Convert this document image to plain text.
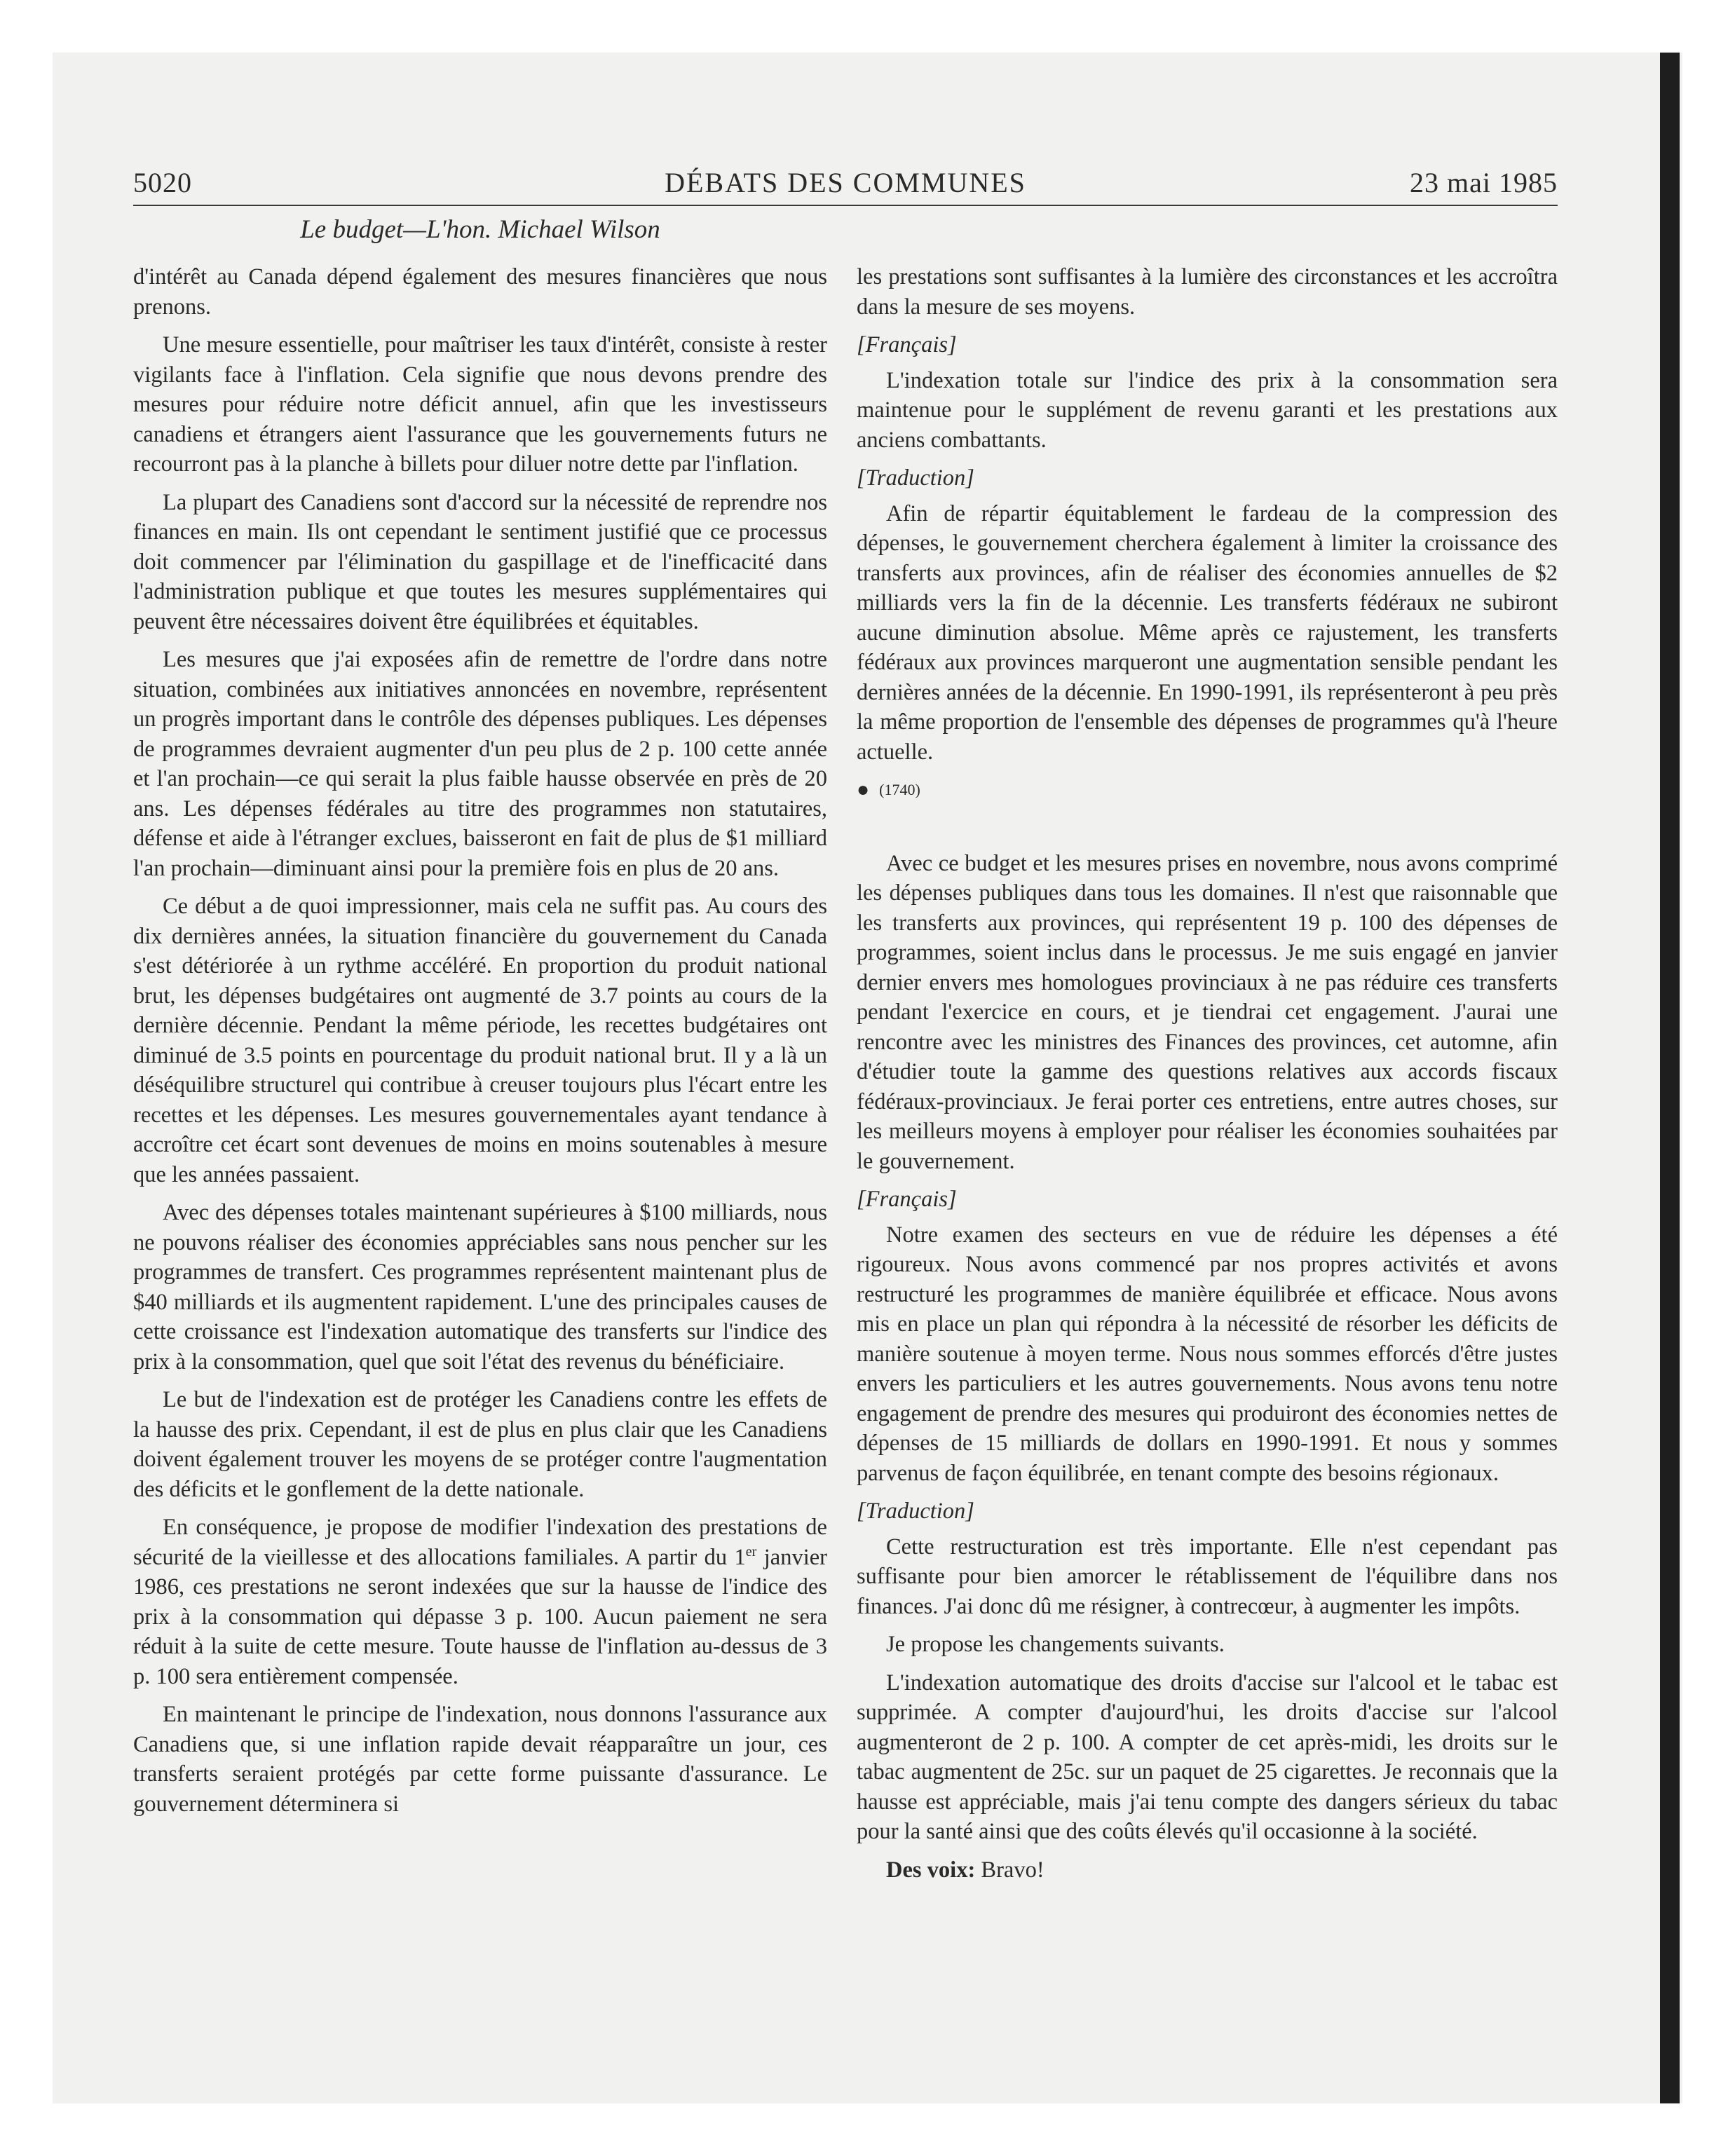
5020	DÉBATS DES COMMUNES	23 mai 1985
Le budget—L'hon. Michael Wilson

d'intérêt au Canada dépend également des mesures financières que nous prenons.

Une mesure essentielle, pour maîtriser les taux d'intérêt, consiste à rester vigilants face à l'inflation. Cela signifie que nous devons prendre des mesures pour réduire notre déficit annuel, afin que les investisseurs canadiens et étrangers aient l'assurance que les gouvernements futurs ne recourront pas à la planche à billets pour diluer notre dette par l'inflation.

La plupart des Canadiens sont d'accord sur la nécessité de reprendre nos finances en main. Ils ont cependant le sentiment justifié que ce processus doit commencer par l'élimination du gaspillage et de l'inefficacité dans l'administration publique et que toutes les mesures supplémentaires qui peuvent être nécessaires doivent être équilibrées et équitables.

Les mesures que j'ai exposées afin de remettre de l'ordre dans notre situation, combinées aux initiatives annoncées en novembre, représentent un progrès important dans le contrôle des dépenses publiques. Les dépenses de programmes devraient augmenter d'un peu plus de 2 p. 100 cette année et l'an prochain—ce qui serait la plus faible hausse observée en près de 20 ans. Les dépenses fédérales au titre des programmes non statutaires, défense et aide à l'étranger exclues, baisseront en fait de plus de $1 milliard l'an prochain—diminuant ainsi pour la première fois en plus de 20 ans.

Ce début a de quoi impressionner, mais cela ne suffit pas. Au cours des dix dernières années, la situation financière du gouvernement du Canada s'est détériorée à un rythme accéléré. En proportion du produit national brut, les dépenses budgétaires ont augmenté de 3.7 points au cours de la dernière décennie. Pendant la même période, les recettes budgétaires ont diminué de 3.5 points en pourcentage du produit national brut. Il y a là un déséquilibre structurel qui contribue à creuser toujours plus l'écart entre les recettes et les dépenses. Les mesures gouvernementales ayant tendance à accroître cet écart sont devenues de moins en moins soutenables à mesure que les années passaient.

Avec des dépenses totales maintenant supérieures à $100 milliards, nous ne pouvons réaliser des économies appréciables sans nous pencher sur les programmes de transfert. Ces programmes représentent maintenant plus de $40 milliards et ils augmentent rapidement. L'une des principales causes de cette croissance est l'indexation automatique des transferts sur l'indice des prix à la consommation, quel que soit l'état des revenus du bénéficiaire.

Le but de l'indexation est de protéger les Canadiens contre les effets de la hausse des prix. Cependant, il est de plus en plus clair que les Canadiens doivent également trouver les moyens de se protéger contre l'augmentation des déficits et le gonflement de la dette nationale.

En conséquence, je propose de modifier l'indexation des prestations de sécurité de la vieillesse et des allocations familiales. A partir du 1er janvier 1986, ces prestations ne seront indexées que sur la hausse de l'indice des prix à la consommation qui dépasse 3 p. 100. Aucun paiement ne sera réduit à la suite de cette mesure. Toute hausse de l'inflation au-dessus de 3 p. 100 sera entièrement compensée.

En maintenant le principe de l'indexation, nous donnons l'assurance aux Canadiens que, si une inflation rapide devait réapparaître un jour, ces transferts seraient protégés par cette forme puissante d'assurance. Le gouvernement déterminera si

les prestations sont suffisantes à la lumière des circonstances et les accroîtra dans la mesure de ses moyens.

[Français]

L'indexation totale sur l'indice des prix à la consommation sera maintenue pour le supplément de revenu garanti et les prestations aux anciens combattants.

[Traduction]

Afin de répartir équitablement le fardeau de la compression des dépenses, le gouvernement cherchera également à limiter la croissance des transferts aux provinces, afin de réaliser des économies annuelles de $2 milliards vers la fin de la décennie. Les transferts fédéraux ne subiront aucune diminution absolue. Même après ce rajustement, les transferts fédéraux aux provinces marqueront une augmentation sensible pendant les dernières années de la décennie. En 1990-1991, ils représenteront à peu près la même proportion de l'ensemble des dépenses de programmes qu'à l'heure actuelle.

● (1740)

Avec ce budget et les mesures prises en novembre, nous avons comprimé les dépenses publiques dans tous les domaines. Il n'est que raisonnable que les transferts aux provinces, qui représentent 19 p. 100 des dépenses de programmes, soient inclus dans le processus. Je me suis engagé en janvier dernier envers mes homologues provinciaux à ne pas réduire ces transferts pendant l'exercice en cours, et je tiendrai cet engagement. J'aurai une rencontre avec les ministres des Finances des provinces, cet automne, afin d'étudier toute la gamme des questions relatives aux accords fiscaux fédéraux-provinciaux. Je ferai porter ces entretiens, entre autres choses, sur les meilleurs moyens à employer pour réaliser les économies souhaitées par le gouvernement.

[Français]

Notre examen des secteurs en vue de réduire les dépenses a été rigoureux. Nous avons commencé par nos propres activités et avons restructuré les programmes de manière équilibrée et efficace. Nous avons mis en place un plan qui répondra à la nécessité de résorber les déficits de manière soutenue à moyen terme. Nous nous sommes efforcés d'être justes envers les particuliers et les autres gouvernements. Nous avons tenu notre engagement de prendre des mesures qui produiront des économies nettes de dépenses de 15 milliards de dollars en 1990-1991. Et nous y sommes parvenus de façon équilibrée, en tenant compte des besoins régionaux.

[Traduction]

Cette restructuration est très importante. Elle n'est cependant pas suffisante pour bien amorcer le rétablissement de l'équilibre dans nos finances. J'ai donc dû me résigner, à contrecœur, à augmenter les impôts.

Je propose les changements suivants.

L'indexation automatique des droits d'accise sur l'alcool et le tabac est supprimée. A compter d'aujourd'hui, les droits d'accise sur l'alcool augmenteront de 2 p. 100. A compter de cet après-midi, les droits sur le tabac augmentent de 25c. sur un paquet de 25 cigarettes. Je reconnais que la hausse est appréciable, mais j'ai tenu compte des dangers sérieux du tabac pour la santé ainsi que des coûts élevés qu'il occasionne à la société.

Des voix: Bravo!
